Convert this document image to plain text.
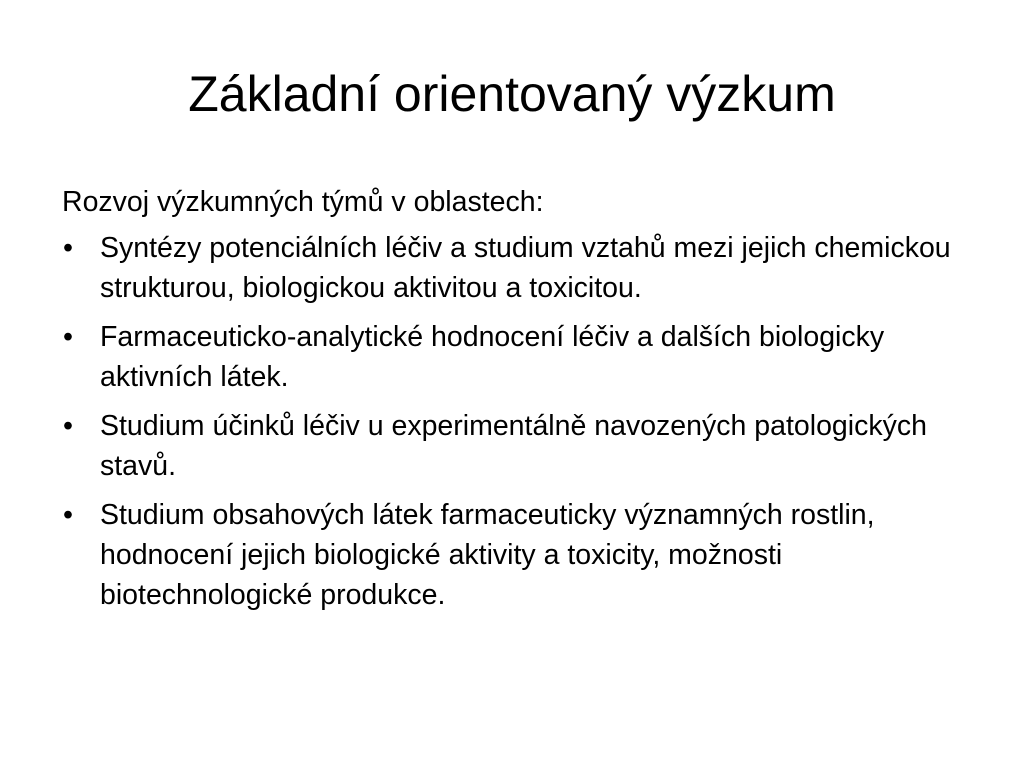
Základní orientovaný výzkum

Rozvoj výzkumných týmů v oblastech:

• Syntézy potenciálních léčiv a studium vztahů mezi jejich chemickou strukturou, biologickou aktivitou a toxicitou.
• Farmaceuticko-analytické hodnocení léčiv a dalších biologicky aktivních látek.
• Studium účinků léčiv u experimentálně navozených patologických stavů.
• Studium obsahových látek farmaceuticky významných rostlin, hodnocení jejich biologické aktivity a toxicity, možnosti biotechnologické produkce.
